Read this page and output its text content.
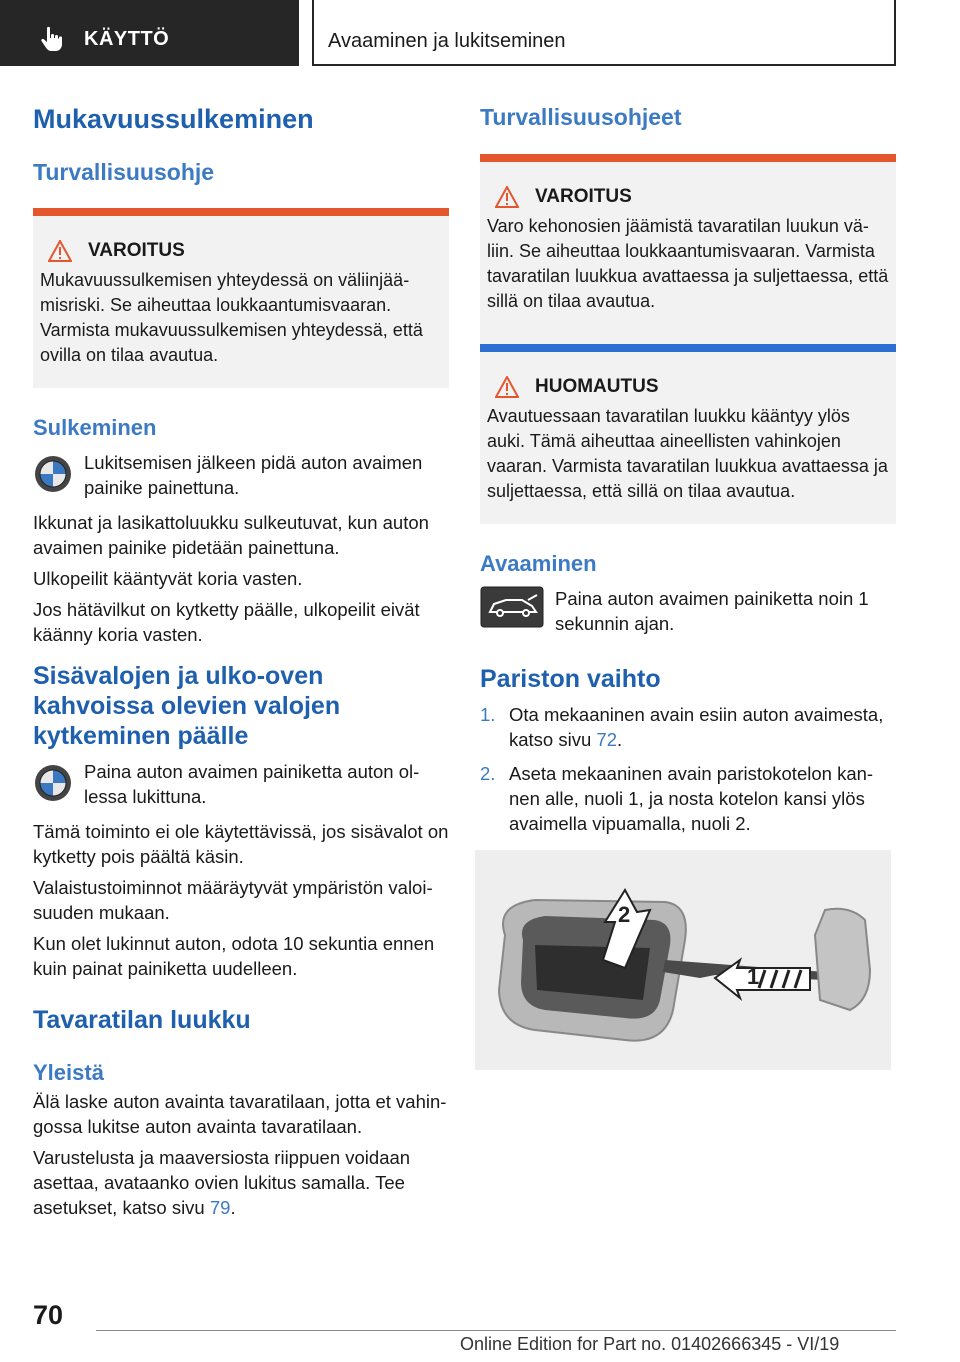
KÄYTTÖ	Avaaminen ja lukitseminen
Mukavuussulkeminen
Turvallisuusohje
VAROITUS
Mukavuussulkemisen yhteydessä on väliinjää-misriski. Se aiheuttaa loukkaantumisvaaran. Varmista mukavuussulkemisen yhteydessä, että ovilla on tilaa avautua.
Sulkeminen
Lukitsemisen jälkeen pidä auton avaimen painike painettuna.
Ikkunat ja lasikattoluukku sulkeutuvat, kun auton avaimen painike pidetään painettuna.
Ulkopeilit kääntyvät koria vasten.
Jos hätävilkut on kytketty päälle, ulkopeilit eivät käänny koria vasten.
Sisävalojen ja ulko‑oven kahvoissa olevien valojen kytkeminen päälle
Paina auton avaimen painiketta auton ol-lessa lukittuna.
Tämä toiminto ei ole käytettävissä, jos sisävalot on kytketty pois päältä käsin.
Valaistustoiminnot määräytyvät ympäristön valoi-suuden mukaan.
Kun olet lukinnut auton, odota 10 sekuntia ennen kuin painat painiketta uudelleen.
Tavaratilan luukku
Yleistä
Älä laske auton avainta tavaratilaan, jotta et vahin-gossa lukitse auton avainta tavaratilaan.
Varustelusta ja maaversiosta riippuen voidaan asettaa, avataanko ovien lukitus samalla. Tee asetukset, katso sivu 79.
Turvallisuusohjeet
VAROITUS
Varo kehonosien jäämistä tavaratilan luukun vä-liin. Se aiheuttaa loukkaantumisvaaran. Varmista tavaratilan luukkua avattaessa ja suljettaessa, että sillä on tilaa avautua.
HUOMAUTUS
Avautuessaan tavaratilan luukku kääntyy ylös auki. Tämä aiheuttaa aineellisten vahinkojen vaaran. Varmista tavaratilan luukkua avattaessa ja suljettaessa, että sillä on tilaa avautua.
Avaaminen
Paina auton avaimen painiketta noin 1 sekunnin ajan.
Pariston vaihto
1. Ota mekaaninen avain esiin auton avaimesta, katso sivu 72.
2. Aseta mekaaninen avain paristokotelon kan-nen alle, nuoli 1, ja nosta kotelon kansi ylös avaimella vipuamalla, nuoli 2.
2
1
70
Online Edition for Part no. 01402666345 - VI/19
